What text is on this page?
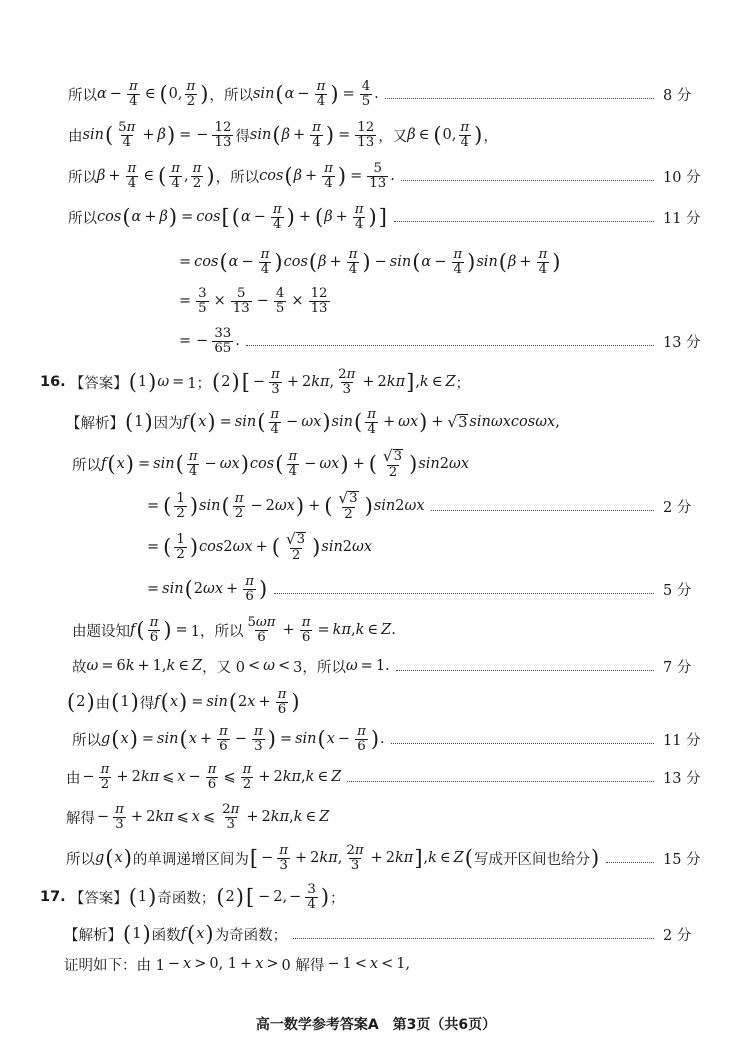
所以 $\alpha - \frac{\pi}{4}$ ∈ ( 0, π
2 ) ，所以 s i n ( $\alpha - \frac{\pi}{4}$ ) = $\frac{4}{5}$ .	8 分
由 s i n ( 5π
4 + β ) = − $\frac{12}{13}$ 得 s i n ( $\beta + \frac{\pi}{4}$ ) = $\frac{12}{13}$ ，又 β ∈ ( 0, π
4 ) ，
所以 $\beta + \frac{\pi}{4}$ ∈ ( π
4 , π
2 ) ，所以 c o s ( $\beta + \frac{\pi}{4}$ ) = $\frac{5}{13}$ .	10 分
所以 c o s ( α + β ) = c o s [ ( $\alpha - \frac{\pi}{4}$ ) + ( $\beta + \frac{\pi}{4}$ ) ]	11 分
= c o s ( $\alpha - \frac{\pi}{4}$ ) c o s ( $\beta + \frac{\pi}{4}$ ) − s i n ( $\alpha - \frac{\pi}{4}$ ) s i n ( $\beta + \frac{\pi}{4}$ )
= $\frac{3}{5} \times \frac{5}{13} - \frac{4}{5} \times \frac{12}{13}$
= − $\frac{33}{65}$ .	13 分
16. 【答案】 ( 1 ) ω = 1； ( 2 ) [ − $\frac{\pi}{3} + 2$ k π , 2π
3 + 2 k π ] , k ∈ Z ；
【解析】 ( 1 ) 因为 f ( x ) = s i n ( π
4 − ω x ) s i n ( π
4 + ω x ) + √ 3 s i n ω x c o s ω x ,
所以 f ( x ) = s i n ( π
4 − ω x ) c o s ( π
4 − ω x ) + ( √ 3
2 ) s i n 2 ω x
= ( 1
2 ) s i n ( π
2 − 2 ω x ) + ( √ 3
2 ) s i n 2 ω x	2 分
= ( 1
2 ) c o s 2 ω x + ( √ 3
2 ) s i n 2 ω x
= s i n ( 2 ω $x + \frac{\pi}{6}$ )	5 分
由题设知 f ( π
6 ) = 1，所以 $\frac{5\omega\pi}{6} + \frac{\pi}{6} = k$ π , k ∈ Z .
故 ω = 6 k + 1, k ∈ Z ，又 0 < ω < 3，所以 ω = 1.	7 分
( 2 ) 由 ( 1 ) 得 f ( x ) = s i n ( 2 $x + \frac{\pi}{6}$ )
所以 g ( x ) = s i n ( $x + \frac{\pi}{6} - \frac{\pi}{3}$ ) = s i n ( $x - \frac{\pi}{6}$ ) .	11 分
由 − $\frac{\pi}{2} + 2$ k π ⩽ $x - \frac{\pi}{6}$ ⩽ π
2 + 2 k π , k ∈ Z	13 分
解得 − $\frac{\pi}{3} + 2$ k π ⩽ x ⩽ 2π
3 + 2 k π , k ∈ Z
所以 g ( x ) 的单调递增区间为 [ − $\frac{\pi}{3} + 2$ k π , 2π
3 + 2 k π ] , k ∈ Z ( 写成开区间也给分 )	15 分
17. 【答案】 ( 1 ) 奇函数； ( 2 ) [ − 2, − $\frac{3}{4}$ ) ；
【解析】 ( 1 ) 函数 f ( x ) 为奇函数；	2 分
证明如下：由 1 − x > 0, 1 + x > 0 解得 − 1 < x < 1,
高一数学参考答案A　第3页（共6页）
